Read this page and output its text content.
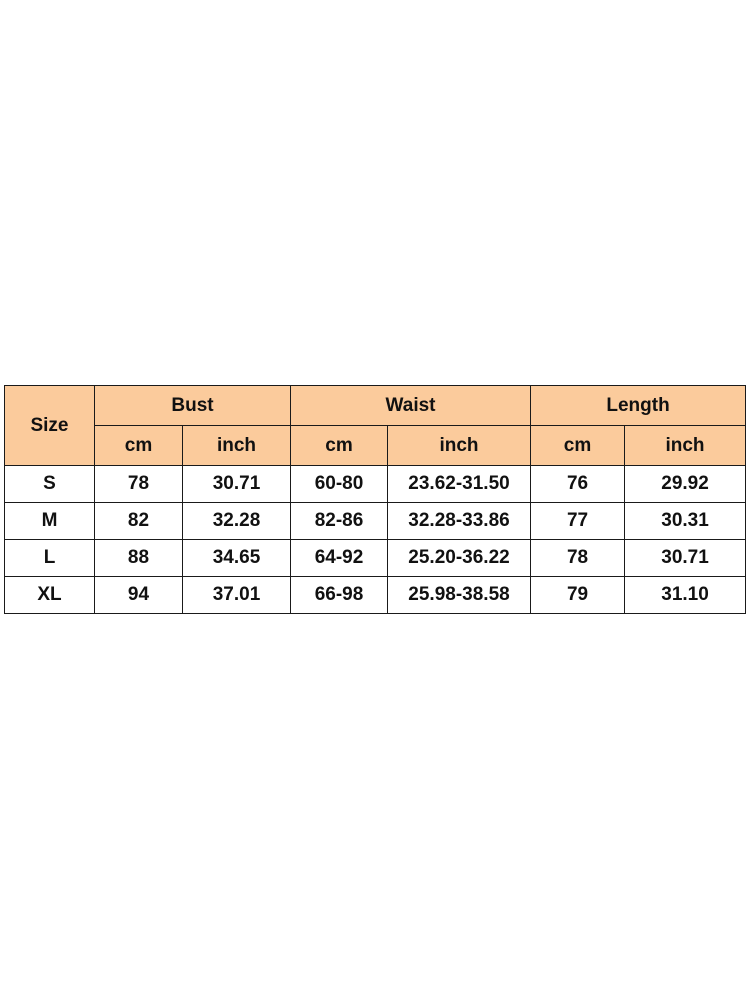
Size	Bust		Waist		Length	
	cm	inch	cm	inch	cm	inch
S	78	30.71	60-80	23.62-31.50	76	29.92
M	82	32.28	82-86	32.28-33.86	77	30.31
L	88	34.65	64-92	25.20-36.22	78	30.71
XL	94	37.01	66-98	25.98-38.58	79	31.10
